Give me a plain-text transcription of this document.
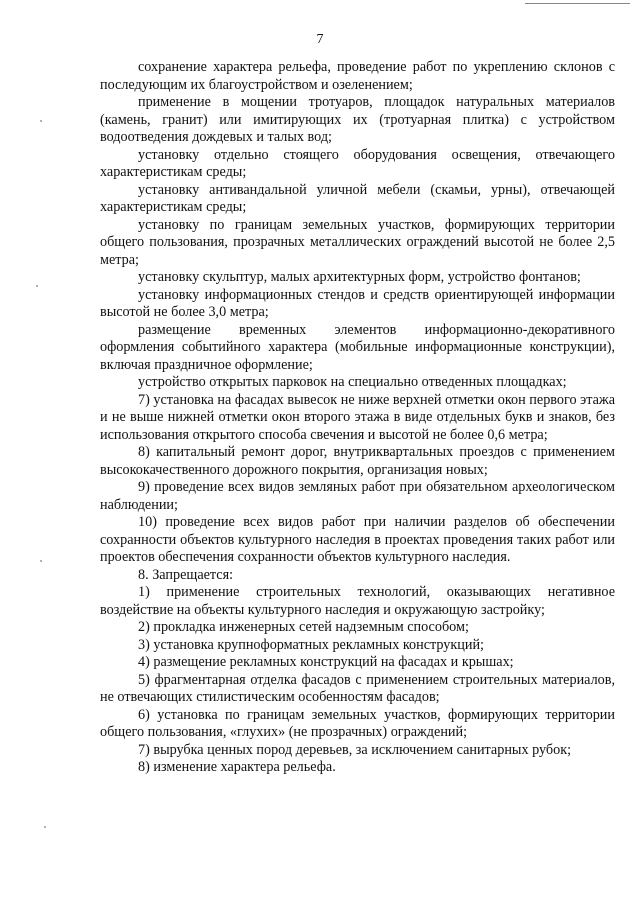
7

сохранение характера рельефа, проведение работ по укреплению склонов с последующим их благоустройством и озеленением;

применение в мощении тротуаров, площадок натуральных материалов (камень, гранит) или имитирующих их (тротуарная плитка) с устройством водоотведения дождевых и талых вод;

установку отдельно стоящего оборудования освещения, отвечающего характеристикам среды;

установку антивандальной уличной мебели (скамьи, урны), отвечающей характеристикам среды;

установку по границам земельных участков, формирующих территории общего пользования, прозрачных металлических ограждений высотой не более 2,5 метра;

установку скульптур, малых архитектурных форм, устройство фонтанов;

установку информационных стендов и средств ориентирующей информации высотой не более 3,0 метра;

размещение временных элементов информационно-декоративного оформления событийного характера (мобильные информационные конструкции), включая праздничное оформление;

устройство открытых парковок на специально отведенных площадках;

7) установка на фасадах вывесок не ниже верхней отметки окон первого этажа и не выше нижней отметки окон второго этажа в виде отдельных букв и знаков, без использования открытого способа свечения и высотой не более 0,6 метра;

8) капитальный ремонт дорог, внутриквартальных проездов с применением высококачественного дорожного покрытия, организация новых;

9) проведение всех видов земляных работ при обязательном археологическом наблюдении;

10) проведение всех видов работ при наличии разделов об обеспечении сохранности объектов культурного наследия в проектах проведения таких работ или проектов обеспечения сохранности объектов культурного наследия.

8. Запрещается:

1) применение строительных технологий, оказывающих негативное воздействие на объекты культурного наследия и окружающую застройку;

2) прокладка инженерных сетей надземным способом;

3) установка крупноформатных рекламных конструкций;

4) размещение рекламных конструкций на фасадах и крышах;

5) фрагментарная отделка фасадов с применением строительных материалов, не отвечающих стилистическим особенностям фасадов;

6) установка по границам земельных участков, формирующих территории общего пользования, «глухих» (не прозрачных) ограждений;

7) вырубка ценных пород деревьев, за исключением санитарных рубок;

8) изменение характера рельефа.
